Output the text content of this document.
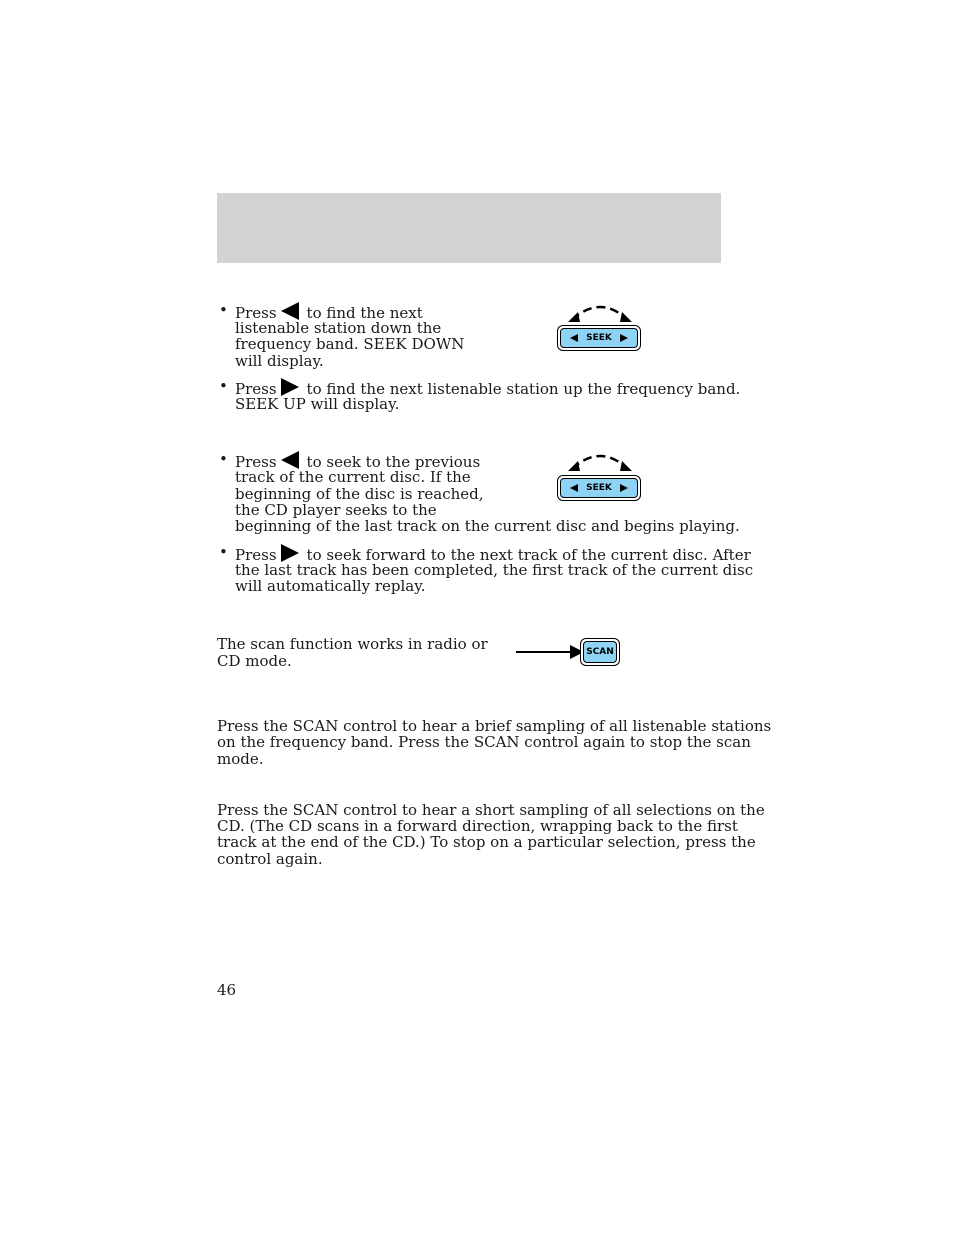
• Press to find the next

listenable station down the

frequency band. SEEK DOWN

will display.

SEEK
• Press to find the next listenable station up the frequency band.

SEEK UP will display.

• Press to seek to the previous

track of the current disc. If the

beginning of the disc is reached,

the CD player seeks to the

beginning of the last track on the current disc and begins playing.

SEEK
• Press to seek forward to the next track of the current disc. After

the last track has been completed, the first track of the current disc

will automatically replay.

The scan function works in radio or

CD mode.	SCAN

Press the SCAN control to hear a brief sampling of all listenable stations

on the frequency band. Press the SCAN control again to stop the scan

mode.

Press the SCAN control to hear a short sampling of all selections on the

CD. (The CD scans in a forward direction, wrapping back to the first

track at the end of the CD.) To stop on a particular selection, press the

control again.

46
